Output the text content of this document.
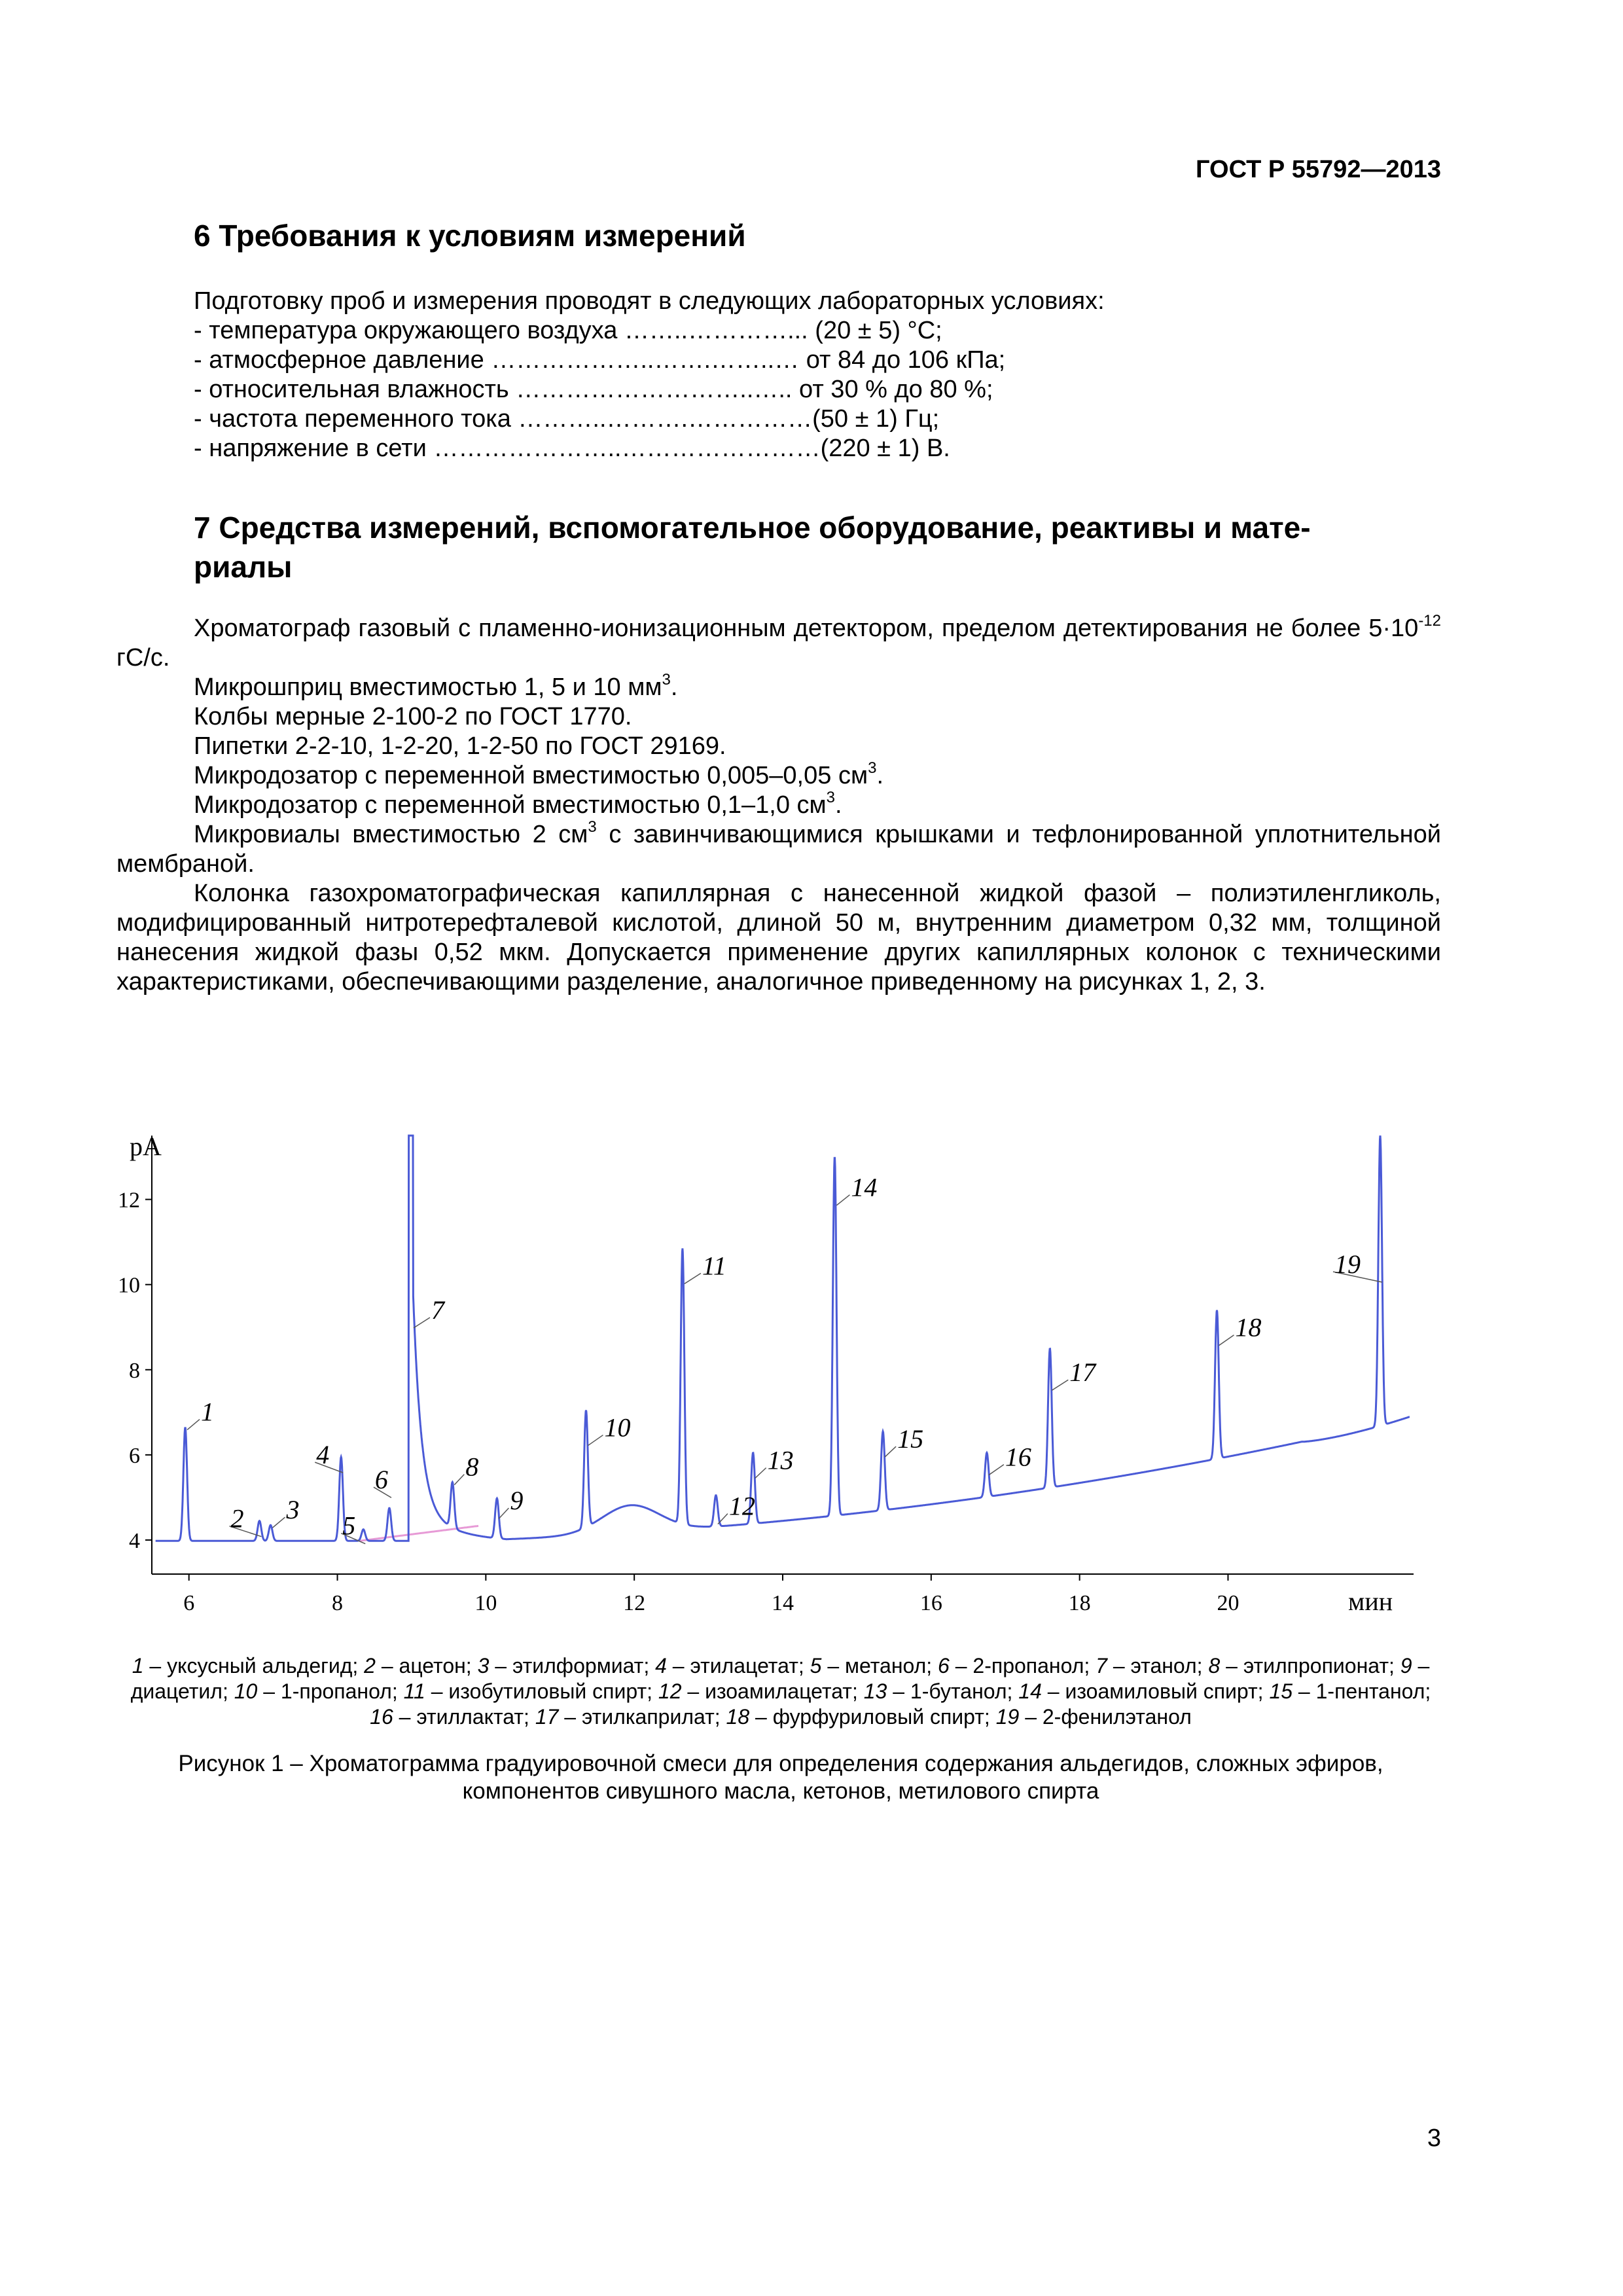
ГОСТ Р 55792—2013
6 Требования к условиям измерений
Подготовку проб и измерения проводят в следующих лабораторных условиях:
- температура окружающего воздуха ……..…………... (20 ± 5) °С;
- атмосферное давление ………………..…….……..… от 84 до 106 кПа;
- относительная влажность ………………………..….. от 30 % до 80 %;
- частота переменного тока ………..……….……………(50 ± 1) Гц;
- напряжение в сети …………………..……………………(220 ± 1) В.
7 Средства измерений, вспомогательное оборудование, реактивы и мате-
риалы
Хроматограф газовый с пламенно-ионизационным детектором, пределом детектирования не более $5\cdot 10^{-12}$ гС/с.
Микрошприц вместимостью 1, 5 и 10 $мм^3$.
Колбы мерные 2-100-2 по ГОСТ 1770.
Пипетки 2-2-10, 1-2-20, 1-2-50 по ГОСТ 29169.
Микродозатор с переменной вместимостью 0,005–0,05 $см^3$.
Микродозатор с переменной вместимостью 0,1–1,0 $см^3$.
Микровиалы вместимостью 2 $см^3$ с завинчивающимися крышками и тефлонированной уплотнительной мембраной.
Колонка газохроматографическая капиллярная с нанесенной жидкой фазой – полиэтиленгликоль, модифицированный нитротерефталевой кислотой, длиной 50 м, внутренним диаметром 0,32 мм, толщиной нанесения жидкой фазы 0,52 мкм. Допускается применение других капиллярных колонок с техническими характеристиками, обеспечивающими разделение, аналогичное приведенному на рисунках 1, 2, 3.
pA
мин
4
6
8
10
12
6	8	10	12	14	16	18	20
1
2 3
4
5
6
7
8
9
10
11
12
13
14
15
16
17
18
19
1 – уксусный альдегид; 2 – ацетон; 3 – этилформиат; 4 – этилацетат; 5 – метанол; 6 – 2-пропанол; 7 – этанол; 8 – этилпропионат; 9 – диацетил; 10 – 1-пропанол; 11 – изобутиловый спирт; 12 – изоамилацетат; 13 – 1-бутанол; 14 – изоамиловый спирт; 15 – 1-пентанол; 16 – этиллактат; 17 – этилкаприлат; 18 – фурфуриловый спирт; 19 – 2-фенилэтанол
Рисунок 1 – Хроматограмма градуировочной смеси для определения содержания альдегидов, сложных эфиров,
компонентов сивушного масла, кетонов, метилового спирта
3
